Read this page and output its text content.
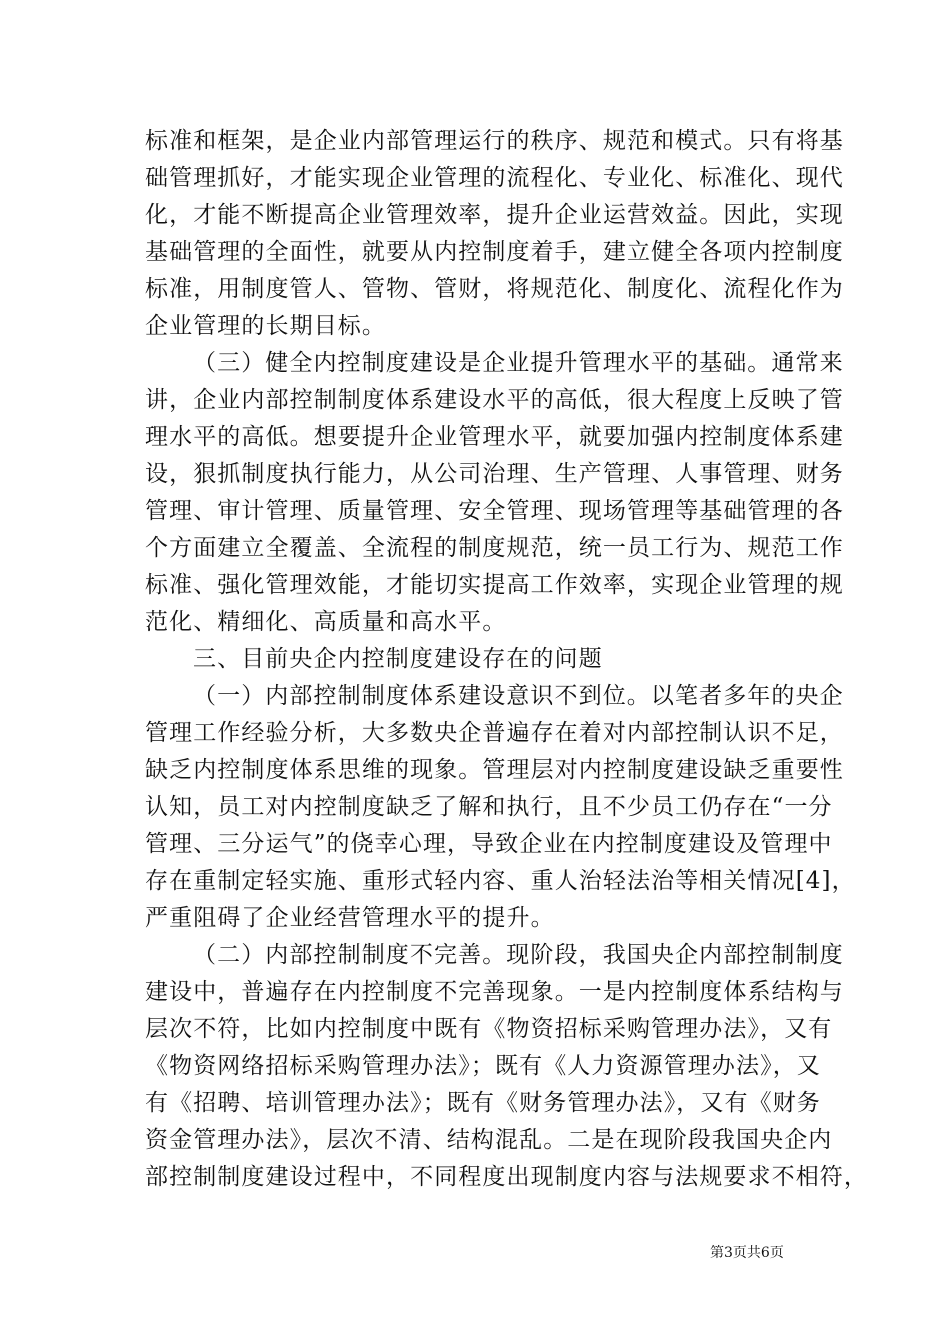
标准和框架，是企业内部管理运行的秩序、规范和模式。只有将基
础管理抓好，才能实现企业管理的流程化、专业化、标准化、现代
化，才能不断提高企业管理效率，提升企业运营效益。因此，实现
基础管理的全面性，就要从内控制度着手，建立健全各项内控制度
标准，用制度管人、管物、管财，将规范化、制度化、流程化作为
企业管理的长期目标。
（三）健全内控制度建设是企业提升管理水平的基础。通常来
讲，企业内部控制制度体系建设水平的高低，很大程度上反映了管
理水平的高低。想要提升企业管理水平，就要加强内控制度体系建
设，狠抓制度执行能力，从公司治理、生产管理、人事管理、财务
管理、审计管理、质量管理、安全管理、现场管理等基础管理的各
个方面建立全覆盖、全流程的制度规范，统一员工行为、规范工作
标准、强化管理效能，才能切实提高工作效率，实现企业管理的规
范化、精细化、高质量和高水平。
三、目前央企内控制度建设存在的问题
（一）内部控制制度体系建设意识不到位。以笔者多年的央企
管理工作经验分析，大多数央企普遍存在着对内部控制认识不足，
缺乏内控制度体系思维的现象。管理层对内控制度建设缺乏重要性
认知，员工对内控制度缺乏了解和执行，且不少员工仍存在“一分
管理、三分运气”的侥幸心理，导致企业在内控制度建设及管理中
存在重制定轻实施、重形式轻内容、重人治轻法治等相关情况[4]，
严重阻碍了企业经营管理水平的提升。
（二）内部控制制度不完善。现阶段，我国央企内部控制制度
建设中，普遍存在内控制度不完善现象。一是内控制度体系结构与
层次不符，比如内控制度中既有《物资招标采购管理办法》，又有
《物资网络招标采购管理办法》；既有《人力资源管理办法》，又
有《招聘、培训管理办法》；既有《财务管理办法》，又有《财务
资金管理办法》，层次不清、结构混乱。二是在现阶段我国央企内
部控制制度建设过程中，不同程度出现制度内容与法规要求不相符，
第3页共6页
